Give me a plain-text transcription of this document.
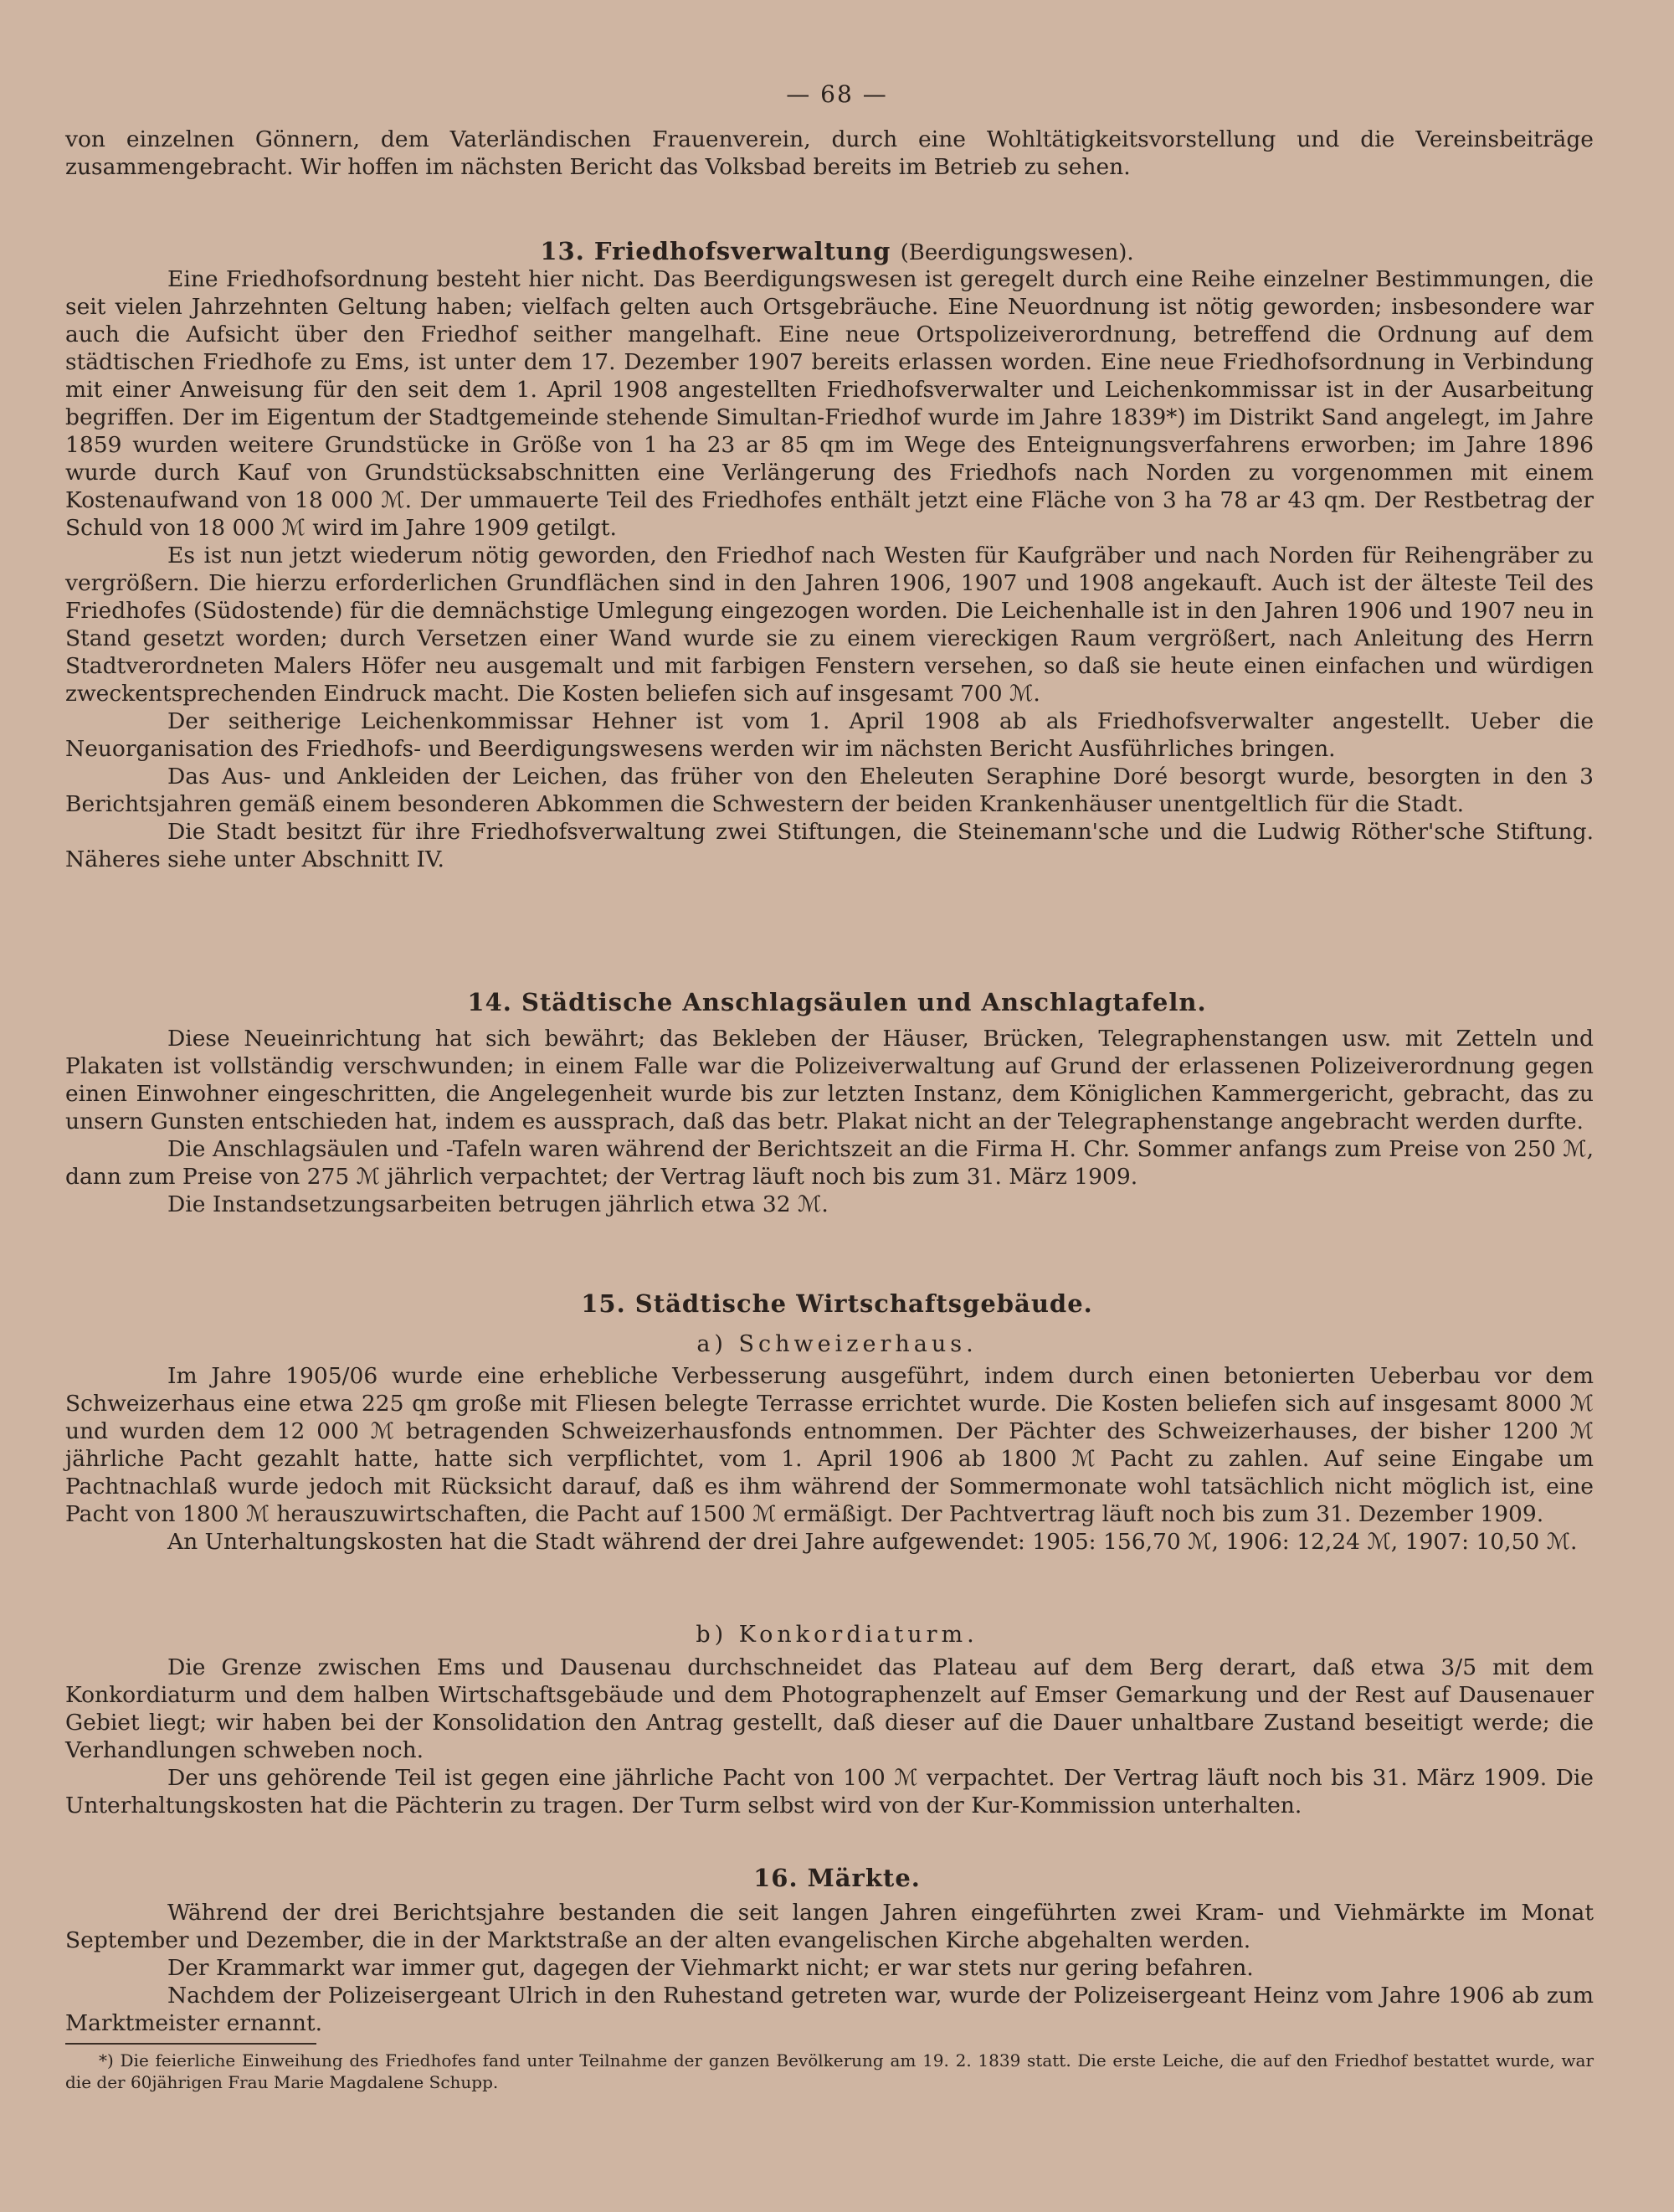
— 68 —

von einzelnen Gönnern, dem Vaterländischen Frauenverein, durch eine Wohltätigkeitsvorstellung und die Vereinsbeiträge zusammengebracht. Wir hoffen im nächsten Bericht das Volksbad bereits im Betrieb zu sehen.

13. Friedhofsverwaltung (Beerdigungswesen).

Eine Friedhofsordnung besteht hier nicht. Das Beerdigungswesen ist geregelt durch eine Reihe einzelner Bestimmungen, die seit vielen Jahrzehnten Geltung haben; vielfach gelten auch Ortsgebräuche. Eine Neuordnung ist nötig geworden; insbesondere war auch die Aufsicht über den Friedhof seither mangelhaft. Eine neue Ortspolizeiverordnung, betreffend die Ordnung auf dem städtischen Friedhofe zu Ems, ist unter dem 17. Dezember 1907 bereits erlassen worden. Eine neue Friedhofsordnung in Verbindung mit einer Anweisung für den seit dem 1. April 1908 angestellten Friedhofsverwalter und Leichenkommissar ist in der Ausarbeitung begriffen. Der im Eigentum der Stadtgemeinde stehende Simultan-Friedhof wurde im Jahre 1839*) im Distrikt Sand angelegt, im Jahre 1859 wurden weitere Grundstücke in Größe von 1 ha 23 ar 85 qm im Wege des Enteignungsverfahrens erworben; im Jahre 1896 wurde durch Kauf von Grundstücksabschnitten eine Verlängerung des Friedhofs nach Norden zu vorgenommen mit einem Kostenaufwand von 18 000 ℳ. Der ummauerte Teil des Friedhofes enthält jetzt eine Fläche von 3 ha 78 ar 43 qm. Der Restbetrag der Schuld von 18 000 ℳ wird im Jahre 1909 getilgt.

Es ist nun jetzt wiederum nötig geworden, den Friedhof nach Westen für Kaufgräber und nach Norden für Reihengräber zu vergrößern. Die hierzu erforderlichen Grundflächen sind in den Jahren 1906, 1907 und 1908 angekauft. Auch ist der älteste Teil des Friedhofes (Südostende) für die demnächstige Umlegung eingezogen worden. Die Leichenhalle ist in den Jahren 1906 und 1907 neu in Stand gesetzt worden; durch Versetzen einer Wand wurde sie zu einem viereckigen Raum vergrößert, nach Anleitung des Herrn Stadtverordneten Malers Höfer neu ausgemalt und mit farbigen Fenstern versehen, so daß sie heute einen einfachen und würdigen zweckentsprechenden Eindruck macht. Die Kosten beliefen sich auf insgesamt 700 ℳ.

Der seitherige Leichenkommissar Hehner ist vom 1. April 1908 ab als Friedhofsverwalter angestellt. Ueber die Neuorganisation des Friedhofs- und Beerdigungswesens werden wir im nächsten Bericht Ausführliches bringen.

Das Aus- und Ankleiden der Leichen, das früher von den Eheleuten Seraphine Doré besorgt wurde, besorgten in den 3 Berichtsjahren gemäß einem besonderen Abkommen die Schwestern der beiden Krankenhäuser unentgeltlich für die Stadt.

Die Stadt besitzt für ihre Friedhofsverwaltung zwei Stiftungen, die Steinemann'sche und die Ludwig Röther'sche Stiftung. Näheres siehe unter Abschnitt IV.

14. Städtische Anschlagsäulen und Anschlagtafeln.

Diese Neueinrichtung hat sich bewährt; das Bekleben der Häuser, Brücken, Telegraphenstangen usw. mit Zetteln und Plakaten ist vollständig verschwunden; in einem Falle war die Polizeiverwaltung auf Grund der erlassenen Polizeiverordnung gegen einen Einwohner eingeschritten, die Angelegenheit wurde bis zur letzten Instanz, dem Königlichen Kammergericht, gebracht, das zu unsern Gunsten entschieden hat, indem es aussprach, daß das betr. Plakat nicht an der Telegraphenstange angebracht werden durfte.

Die Anschlagsäulen und -Tafeln waren während der Berichtszeit an die Firma H. Chr. Sommer anfangs zum Preise von 250 ℳ, dann zum Preise von 275 ℳ jährlich verpachtet; der Vertrag läuft noch bis zum 31. März 1909.

Die Instandsetzungsarbeiten betrugen jährlich etwa 32 ℳ.

15. Städtische Wirtschaftsgebäude.
a) Schweizerhaus.

Im Jahre 1905/06 wurde eine erhebliche Verbesserung ausgeführt, indem durch einen betonierten Ueberbau vor dem Schweizerhaus eine etwa 225 qm große mit Fliesen belegte Terrasse errichtet wurde. Die Kosten beliefen sich auf insgesamt 8000 ℳ und wurden dem 12 000 ℳ betragenden Schweizerhausfonds entnommen. Der Pächter des Schweizerhauses, der bisher 1200 ℳ jährliche Pacht gezahlt hatte, hatte sich verpflichtet, vom 1. April 1906 ab 1800 ℳ Pacht zu zahlen. Auf seine Eingabe um Pachtnachlaß wurde jedoch mit Rücksicht darauf, daß es ihm während der Sommermonate wohl tatsächlich nicht möglich ist, eine Pacht von 1800 ℳ herauszuwirtschaften, die Pacht auf 1500 ℳ ermäßigt. Der Pachtvertrag läuft noch bis zum 31. Dezember 1909.

An Unterhaltungskosten hat die Stadt während der drei Jahre aufgewendet: 1905: 156,70 ℳ, 1906: 12,24 ℳ, 1907: 10,50 ℳ.

b) Konkordiaturm.

Die Grenze zwischen Ems und Dausenau durchschneidet das Plateau auf dem Berg derart, daß etwa 3/5 mit dem Konkordiaturm und dem halben Wirtschaftsgebäude und dem Photographenzelt auf Emser Gemarkung und der Rest auf Dausenauer Gebiet liegt; wir haben bei der Konsolidation den Antrag gestellt, daß dieser auf die Dauer unhaltbare Zustand beseitigt werde; die Verhandlungen schweben noch.

Der uns gehörende Teil ist gegen eine jährliche Pacht von 100 ℳ verpachtet. Der Vertrag läuft noch bis 31. März 1909. Die Unterhaltungskosten hat die Pächterin zu tragen. Der Turm selbst wird von der Kur-Kommission unterhalten.

16. Märkte.

Während der drei Berichtsjahre bestanden die seit langen Jahren eingeführten zwei Kram- und Viehmärkte im Monat September und Dezember, die in der Marktstraße an der alten evangelischen Kirche abgehalten werden.

Der Krammarkt war immer gut, dagegen der Viehmarkt nicht; er war stets nur gering befahren.

Nachdem der Polizeisergeant Ulrich in den Ruhestand getreten war, wurde der Polizeisergeant Heinz vom Jahre 1906 ab zum Marktmeister ernannt.

*) Die feierliche Einweihung des Friedhofes fand unter Teilnahme der ganzen Bevölkerung am 19. 2. 1839 statt. Die erste Leiche, die auf den Friedhof bestattet wurde, war die der 60jährigen Frau Marie Magdalene Schupp.
